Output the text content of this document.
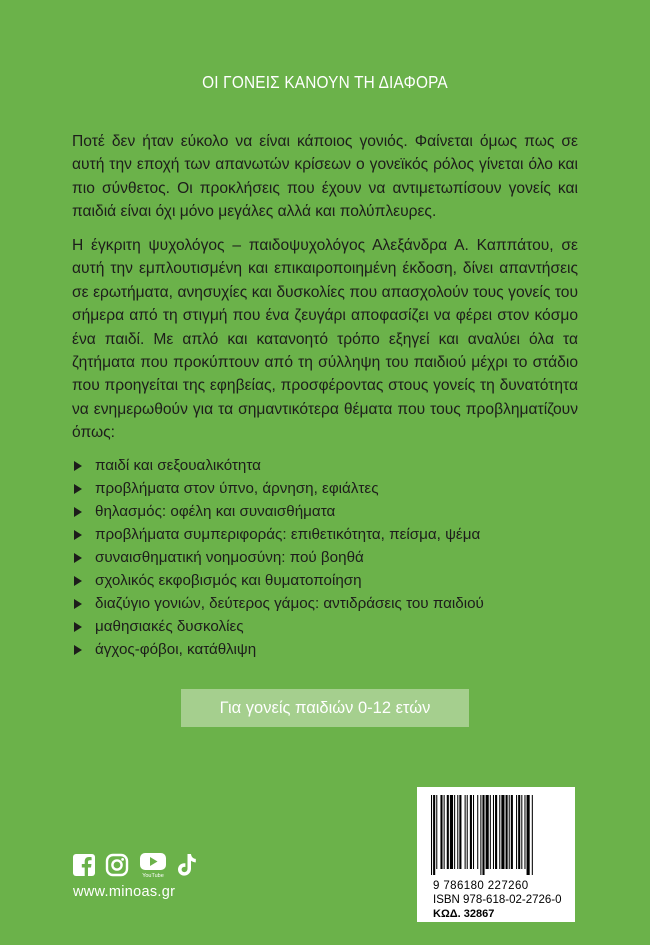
ΟΙ ΓΟΝΕΙΣ ΚΑΝΟΥΝ ΤΗ ΔΙΑΦΟΡΑ
Ποτέ δεν ήταν εύκολο να είναι κάποιος γονιός. Φαίνεται όμως πως σε αυτή την εποχή των απανωτών κρίσεων ο γονεϊκός ρόλος γίνεται όλο και πιο σύνθετος. Οι προκλήσεις που έχουν να αντιμετωπίσουν γονείς και παιδιά είναι όχι μόνο μεγάλες αλλά και πολύπλευρες.
Η έγκριτη ψυχολόγος – παιδοψυχολόγος Αλεξάνδρα Α. Καππάτου, σε αυτή την εμπλουτισμένη και επικαιροποιημένη έκδοση, δίνει απαντήσεις σε ερωτήματα, ανησυχίες και δυσκολίες που απασχολούν τους γονείς του σήμερα από τη στιγμή που ένα ζευγάρι αποφασίζει να φέρει στον κόσμο ένα παιδί. Με απλό και κατανοητό τρόπο εξηγεί και αναλύει όλα τα ζητήματα που προκύπτουν από τη σύλληψη του παιδιού μέχρι το στάδιο που προηγείται της εφηβείας, προσφέροντας στους γονείς τη δυνατότητα να ενημερωθούν για τα σημαντικότερα θέματα που τους προβληματίζουν όπως:
παιδί και σεξουαλικότητα
προβλήματα στον ύπνο, άρνηση, εφιάλτες
θηλασμός: οφέλη και συναισθήματα
προβλήματα συμπεριφοράς: επιθετικότητα, πείσμα, ψέμα
συναισθηματική νοημοσύνη: πού βοηθά
σχολικός εκφοβισμός και θυματοποίηση
διαζύγιο γονιών, δεύτερος γάμος: αντιδράσεις του παιδιού
μαθησιακές δυσκολίες
άγχος-φόβοι, κατάθλιψη
Για γονείς παιδιών 0-12 ετών
9 786180 227260
ISBN 978-618-02-2726-0
ΚΩΔ. 32867
YouTube
www.minoas.gr
